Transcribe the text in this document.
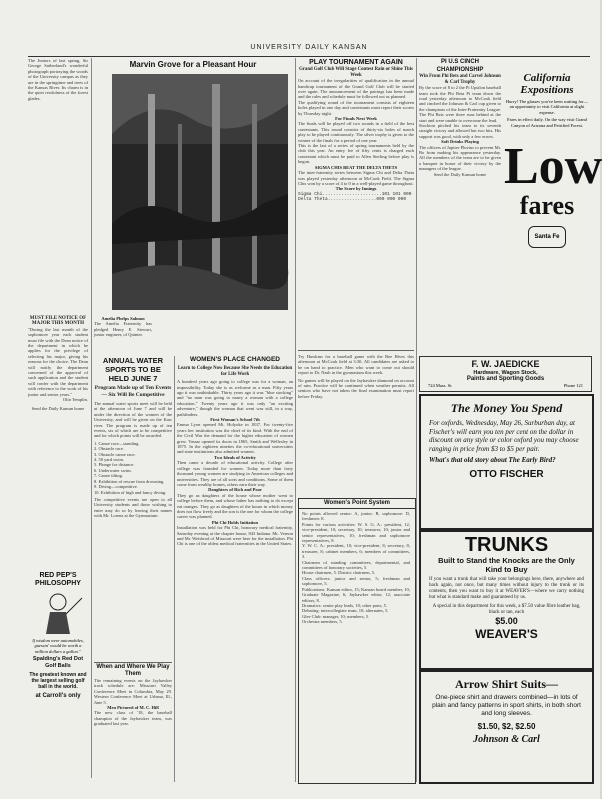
UNIVERSITY DAILY KANSAN
Marvin Grove for a Pleasant Hour
The Juniors of last spring, Sir George Sutherland's wonderful photograph portraying the woods of the University campus as they are in the springtime and trees of the Kansas River. Its charm is in the quiet restfulness of the forest glades.
Amelia Phelps Salmon
The Amelia Fraternity has pledged Henry E. Stewart, junior engineer, of Quinter.
MUST FILE NOTICE OF MAJOR THIS MONTH
"During the last month of the sophomore year each student must file with the Dean notice of the department in which he applies for the privilege of selecting his major, giving his reasons for the choice. The Dean will notify the department concerned of the approval of such application and the student will confer with the department with reference to the work of his junior and senior years."
Olin Templin.
Send the Daily Kansan home
RED PEP'S
PHILOSOPHY
If wisdom were automobiles, guessin' would be worth a million dollars a gallon."
Spalding's Red Dot
Golf Balls
The greatest known and the largest selling golf ball in the world.
at Carroll's only
ANNUAL WATER SPORTS TO BE HELD JUNE 7
Program Made up of Ten Events — Six Will Be Competitive
The annual water sports meet will be held at the afternoon of June 7 and will be under the direction of the women of the University, and will be given on the Kaw river. The program is made up of ten events, six of which are to be competitive and for which points will be awarded.
1. Canoe race—standing.
2. Obstacle race.
3. Obstacle canoe race.
4. 50 yard swim.
5. Plunge for distance.
6. Underwater swim.
7. Canoe tilting.
8. Exhibition of rescue from drowning.
9. Diving—competitive.
10. Exhibition of high and fancy diving.
The competitive events are open to all University students and those wishing to enter may do so by leaving their names with Mr. Lorenz at the Gymnasium.
When and Where We Play Them
The remaining events on the Jayhawker track schedule are: Missouri Valley Conference Meet in Columbia, May 29. Western Conference Meet at Urbana, Ill., June 5.
Men Pictured of M. C. Hill
The new class of '18, the baseball champion of the Jayhawker team, was graduated last year.
WOMEN'S PLACE CHANGED
Learn to College Now Because She Needs the Education for Life Work
A hundred years ago going to college was for a woman, an impossibility. Today she is as welcome as a man. Fifty years ago it was unthinkable. Thirty years ago it was "blue stocking" and "no man was going to marry a woman with a college education." Twenty years ago it was only "an exciting adventure," though the woman that went was still, in a way, pathfinders.
First Woman's School 7th
Emma Lyon opened Mt. Holyoke in 1837. For twenty-five years her institution was the chief of its kind. With the end of the Civil War the demand for the higher education of women grew. Vassar opened its doors in 1865, Smith and Wellesley in 1875. In the eighteen nineties the co-educational universities and state institutions also admitted women.
Two Ideals of Activity
Then came a decade of educational activity. College after college was founded for women. Today more than forty thousand young women are studying in American colleges and universities. They are of all sorts and conditions. Some of them come from wealthy homes, others earn their way.
Daughters of Rich and Poor
They go as daughters of the house whose mother went to college before them, and whose father has nothing to do except eat oranges. They go as daughters of the house in which money does not flow freely and the son is the one for whom the college career was planned.
Phi Chi Holds Initiation
Installation was held for Phi Chi, honorary medical fraternity, Saturday evening at the chapter house, 843 Indiana. Mr. Vernon and Mr. Weisbrod of Missouri were here for the installation. Phi Chi is one of the oldest medical fraternities in the United States.
PLAY TOURNAMENT AGAIN
Grand Golf Club Will Stage Contest Rain or Shine This Week
On account of the irregularities of qualification in the annual handicap tournament of the Grand Golf Club will be started over again. The announcement of the pairings has been made and the rules and schedule must be followed out as planned.
The qualifying round of the tournament consists of eighteen holes played in one day and contestants must report their scores by Thursday night.
For Finals Next Week
The finals will be played off two rounds in a field of the best contestants. This round consists of thirty-six holes of match play to be played continuously. The silver trophy is given to the winner of the finals for a period of one year.
This is the last of a series of spring tournaments held by the club this year. An entry fee of fifty cents is charged each contestant which must be paid to Allen Sterling before play is begun.
SIGMA CHIS BEAT THE DELTA THETS
The inter-fraternity series between Sigma Chi and Delta Theta was played yesterday afternoon at McCook Field. The Sigma Chis won by a score of 4 to 0 in a well-played game throughout.
The Score by Innings
Sigma Chi......................101 101 000
Delta Theta..................000 000 000
Try Hawkins for a baseball game with the Bee Hives this afternoon at McCook field at 3:30. All candidates are asked to be on hand to practice. Men who want to come out should report to Dr. Nash in the gymnasium this week.
No games will be played on the Jayhawker diamond on account of rain. Practice will be continued when weather permits. All seniors who have not taken the final examination must report before Friday.
Women's Point System
No points allowed senior: A, junior: B, sophomore: D, freshmen: E.
Points for various activities: W. S. G. A.: president, 12; vice-president, 10; secretary, 10; treasurer, 10; junior and senior representatives, 10; freshman and sophomore representatives, 8.
Y. W. C. A.: president, 10; vice-president, 8; secretary, 8; treasurer, 8; cabinet members, 6; members of committees, 3.
Chairmen of standing committees, departmental, and committees of honorary societies, 5.
House chairmen, 5. District chairmen, 5.
Class officers: junior and senior, 5; freshman and sophomore, 5.
Publications: Kansan editor, 15; Kansan board member, 10; Graduate Magazine, 6; Jayhawker editor, 12; associate editors, 8.
Dramatics: senior play leads, 10; other parts, 5.
Debating: intercollegiate team, 10; alternates, 5.
Glee Club: manager, 10; members, 5.
Orchestra members, 5.
PI U.S CINCH CHAMPIONSHIP
Win From Phi Bets and Carvel Johnson & Carl Trophy
By the score of 8 to 2 the Pi Upsilon baseball team took the Phi Beta Pi team down the road yesterday afternoon to McCook field and cinched the Johnson & Carl cup given to the champions of the Inter-Fraternity League. The Phi Bets were three runs behind at the start and were unable to overcome the lead.
Stockton pitched his team to its seventh straight victory and allowed but two hits. His support was good, with only a few errors.
Soft Drinks Playing
The officers of Jupiter Pluvius to prevent Mr. Bo from making his appearance yesterday. All the members of the team are to be given a banquet in honor of their victory by the managers of the league.
Send the Daily Kansan home
California Expositions
Hurry! The glasses you've been waiting for—an opportunity to visit California at slight expense.
Fares in effect daily. On the way visit Grand Canyon of Arizona and Petrified Forest.
Low
fares
Santa Fe
F. W. JAEDICKE
Hardware, Wagon Stock,
Paints and Sporting Goods
724 Mass. St.	Phone 121
The Money You Spend
For oxfords, Wednesday, May 26, Surburban day, at Fischer's will earn you ten per cent on the dollar in discount on any style or color oxford you may choose ranging in price from $3 to $5 per pair.
What's that old story about The Early Bird?
OTTO FISCHER
TRUNKS
Built to Stand the Knocks are the Only Kind to Buy
If you want a trunk that will take your belongings here, there, anywhere and back again, not once, but many times without injury to the trunk or its contents, then you want to buy it at WEAVER'S—where we carry nothing but what is standard make and guaranteed by us.
A special in this department for this week, a $7.50 value fibre leather bag, black or tan, each
$5.00
WEAVER'S
Arrow Shirt Suits—
One-piece shirt and drawers combined—in lots of plain and fancy patterns in sport shirts, in both short and long sleeves.
$1.50, $2, $2.50
Johnson & Carl
